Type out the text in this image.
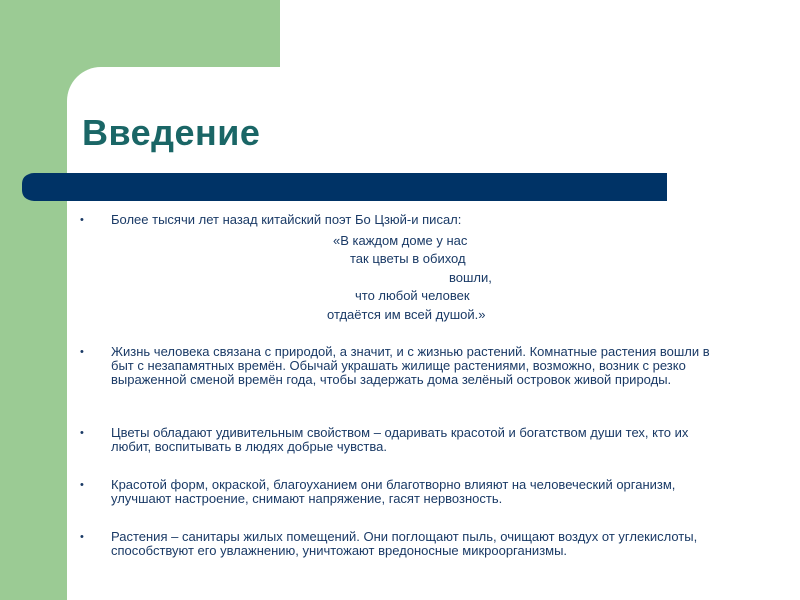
Введение
•
Более тысячи лет назад китайский поэт Бо Цзюй-и писал:
«В каждом доме у нас
так цветы в обиход
вошли,
что любой человек
отдаётся им всей душой.»
•
Жизнь человека связана с природой, а значит, и с жизнью растений. Комнатные растения вошли в быт с незапамятных времён. Обычай украшать жилище растениями, возможно, возник с резко выраженной сменой времён года, чтобы задержать дома зелёный островок живой природы.
•
Цветы обладают удивительным свойством – одаривать красотой и богатством души тех, кто их любит, воспитывать в людях добрые чувства.
•
Красотой форм, окраской, благоуханием они благотворно влияют на человеческий организм, улучшают настроение, снимают напряжение, гасят нервозность.
•
Растения – санитары жилых помещений. Они поглощают пыль, очищают воздух от углекислоты, способствуют его увлажнению, уничтожают вредоносные микроорганизмы.
